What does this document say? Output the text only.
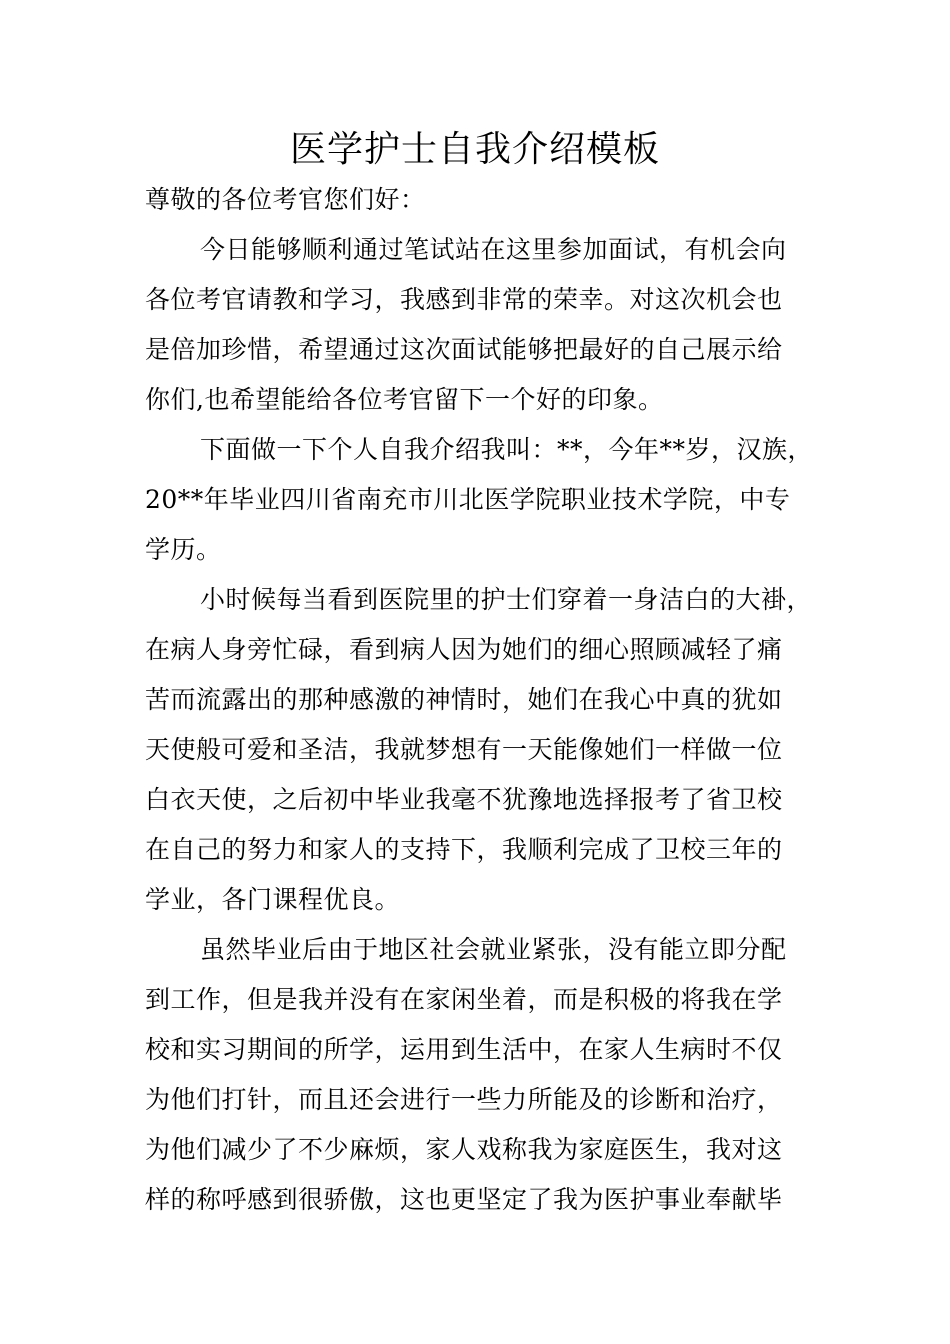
医学护士自我介绍模板
尊敬的各位考官您们好：
今日能够顺利通过笔试站在这里参加面试，有机会向
各位考官请教和学习，我感到非常的荣幸。对这次机会也
是倍加珍惜，希望通过这次面试能够把最好的自己展示给
你们,也希望能给各位考官留下一个好的印象。
下面做一下个人自我介绍我叫：**，今年**岁，汉族，
20**年毕业四川省南充市川北医学院职业技术学院，中专
学历。
小时候每当看到医院里的护士们穿着一身洁白的大褂，
在病人身旁忙碌，看到病人因为她们的细心照顾减轻了痛
苦而流露出的那种感激的神情时，她们在我心中真的犹如
天使般可爱和圣洁，我就梦想有一天能像她们一样做一位
白衣天使，之后初中毕业我毫不犹豫地选择报考了省卫校
在自己的努力和家人的支持下，我顺利完成了卫校三年的
学业，各门课程优良。
虽然毕业后由于地区社会就业紧张，没有能立即分配
到工作，但是我并没有在家闲坐着，而是积极的将我在学
校和实习期间的所学，运用到生活中，在家人生病时不仅
为他们打针，而且还会进行一些力所能及的诊断和治疗，
为他们减少了不少麻烦，家人戏称我为家庭医生，我对这
样的称呼感到很骄傲，这也更坚定了我为医护事业奉献毕
